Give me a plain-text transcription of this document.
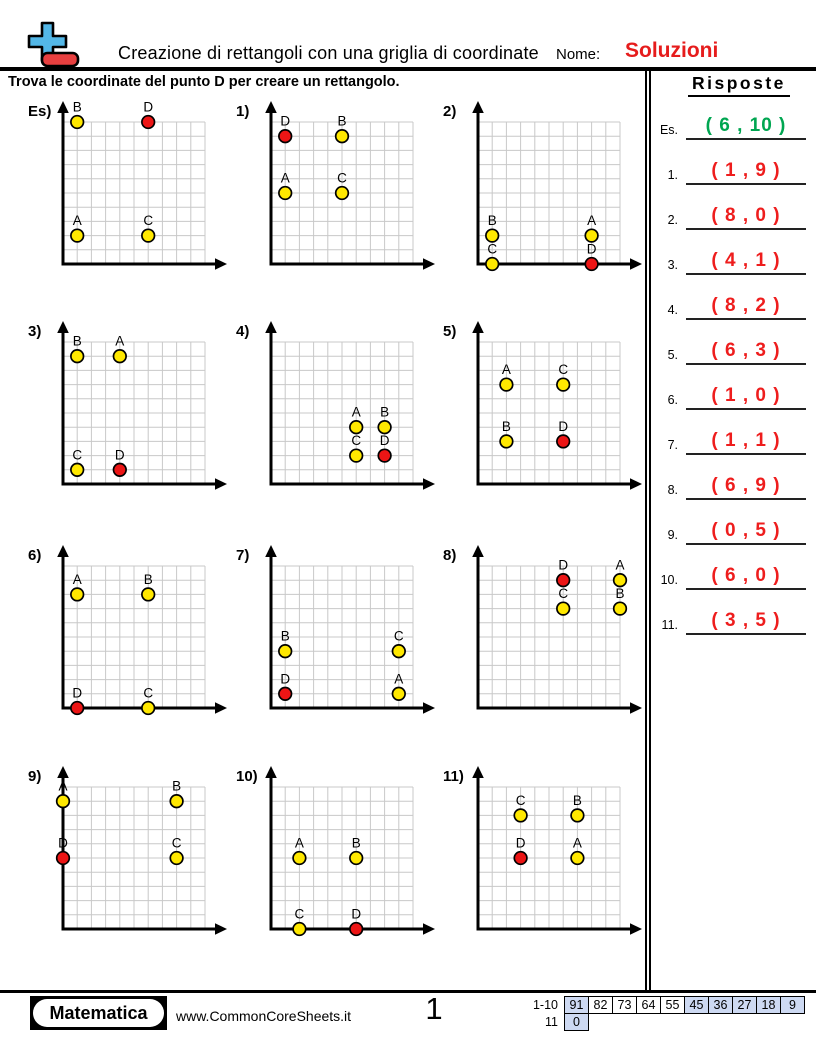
Creazione di rettangoli con una griglia di coordinate Nome: Soluzioni
Trova le coordinate del punto D per creare un rettangolo.	Risposte
Es.	( 6 , 10 )
1.	( 1 , 9 )
2.	( 8 , 0 )
3.	( 4 , 1 )
4.	( 8 , 2 )
5.	( 6 , 3 )
6.	( 1 , 0 )
7.	( 1 , 1 )
8.	( 6 , 9 )
9.	( 0 , 5 )
10.	( 6 , 0 )
11.	( 3 , 5 )
Es)	B	D
A	C
1)
D	B
A	C
2)
B	A
C	D
3)
B A
C D
4)
A B
C D
5)
A	C
B	D
6)
A	B
D	C
7)
B	C
D	A
8)
D	A
C	B
9)
A	B
D	C
10)
A	B
C	D
11)
C	B
D	A
Matematica	www.CommonCoreSheets.it 1	1-10 91 82 73 64 55 45 36 27 18	9
11	0
